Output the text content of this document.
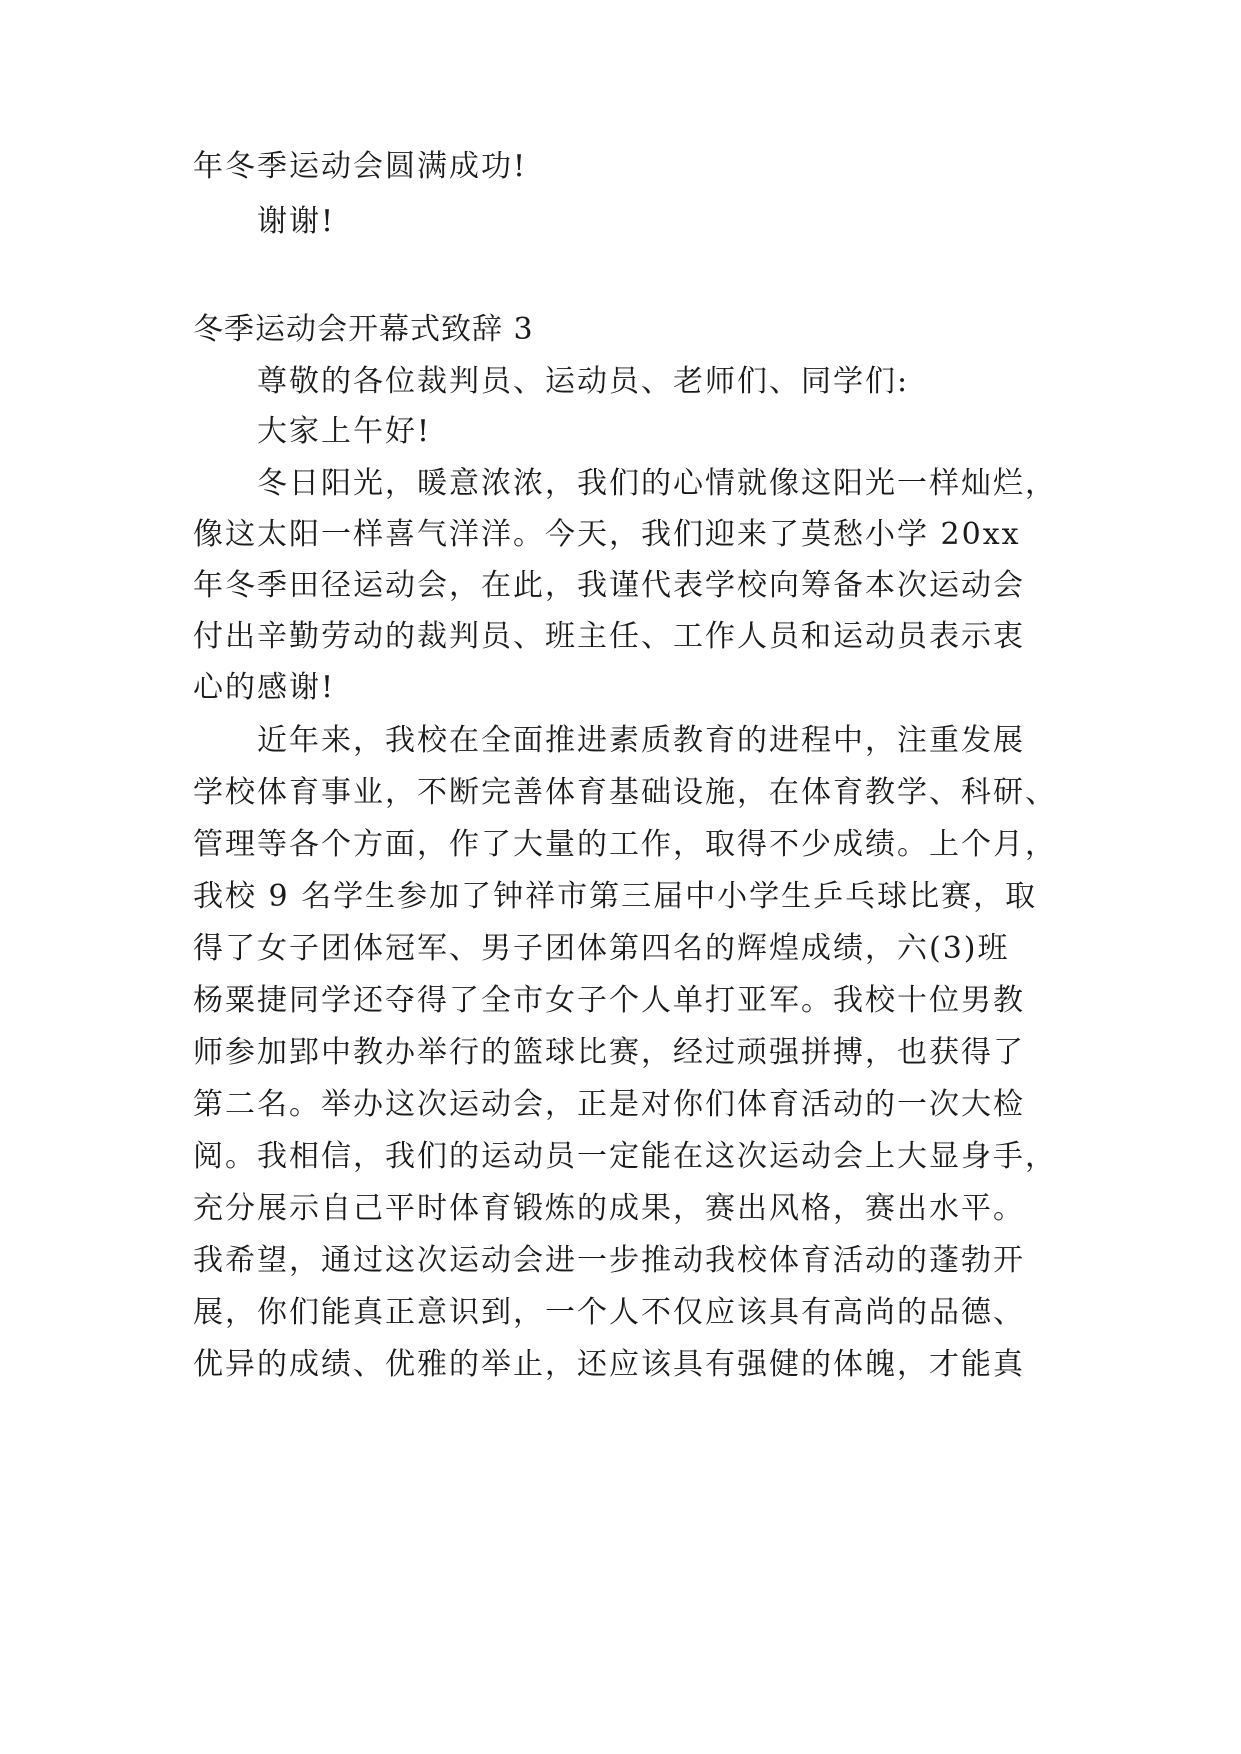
年冬季运动会圆满成功!
谢谢!
冬季运动会开幕式致辞 3
尊敬的各位裁判员、运动员、老师们、同学们:
大家上午好!
冬日阳光，暖意浓浓，我们的心情就像这阳光一样灿烂，
像这太阳一样喜气洋洋。今天，我们迎来了莫愁小学 20xx
年冬季田径运动会，在此，我谨代表学校向筹备本次运动会
付出辛勤劳动的裁判员、班主任、工作人员和运动员表示衷
心的感谢!
近年来，我校在全面推进素质教育的进程中，注重发展
学校体育事业，不断完善体育基础设施，在体育教学、科研、
管理等各个方面，作了大量的工作，取得不少成绩。上个月，
我校 9 名学生参加了钟祥市第三届中小学生乒乓球比赛，取
得了女子团体冠军、男子团体第四名的辉煌成绩，六(3)班
杨粟捷同学还夺得了全市女子个人单打亚军。我校十位男教
师参加郢中教办举行的篮球比赛，经过顽强拼搏，也获得了
第二名。举办这次运动会，正是对你们体育活动的一次大检
阅。我相信，我们的运动员一定能在这次运动会上大显身手，
充分展示自己平时体育锻炼的成果，赛出风格，赛出水平。
我希望，通过这次运动会进一步推动我校体育活动的蓬勃开
展，你们能真正意识到，一个人不仅应该具有高尚的品德、
优异的成绩、优雅的举止，还应该具有强健的体魄，才能真
